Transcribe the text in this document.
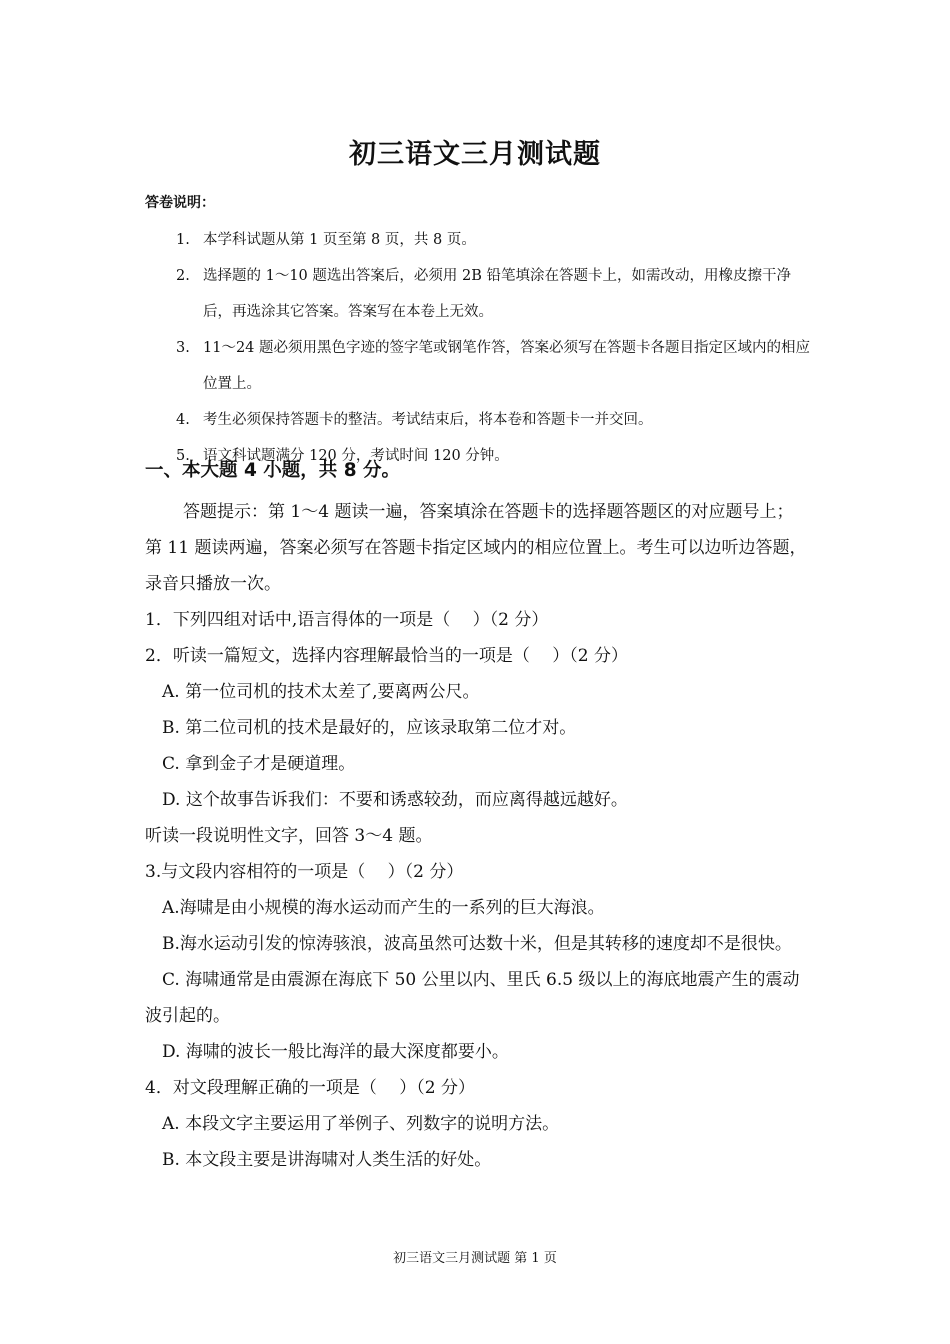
初三语文三月测试题
答卷说明：
1. 本学科试题从第 1 页至第 8 页，共 8 页。
2. 选择题的 1～10 题选出答案后，必须用 2B 铅笔填涂在答题卡上，如需改动，用橡皮擦干净后，再选涂其它答案。答案写在本卷上无效。
3. 11～24 题必须用黑色字迹的签字笔或钢笔作答，答案必须写在答题卡各题目指定区域内的相应位置上。
4. 考生必须保持答题卡的整洁。考试结束后，将本卷和答题卡一并交回。
5. 语文科试题满分 120 分，考试时间 120 分钟。
一、本大题 4 小题，共 8 分。

答题提示：第 1～4 题读一遍，答案填涂在答题卡的选择题答题区的对应题号上；第 11 题读两遍，答案必须写在答题卡指定区域内的相应位置上。考生可以边听边答题，录音只播放一次。

1．下列四组对话中,语言得体的一项是（　 ）（2 分）

2．听读一篇短文，选择内容理解最恰当的一项是（　 ）（2 分）

A. 第一位司机的技术太差了,要离两公尺。

B. 第二位司机的技术是最好的，应该录取第二位才对。

C. 拿到金子才是硬道理。

D. 这个故事告诉我们：不要和诱惑较劲，而应离得越远越好。

听读一段说明性文字，回答 3～4 题。

3.与文段内容相符的一项是（　 ）（2 分）

A.海啸是由小规模的海水运动而产生的一系列的巨大海浪。

B.海水运动引发的惊涛骇浪，波高虽然可达数十米，但是其转移的速度却不是很快。

C. 海啸通常是由震源在海底下 50 公里以内、里氏 6.5 级以上的海底地震产生的震动波引起的。

D. 海啸的波长一般比海洋的最大深度都要小。

4．对文段理解正确的一项是（　 ）（2 分）

A. 本段文字主要运用了举例子、列数字的说明方法。

B. 本文段主要是讲海啸对人类生活的好处。

初三语文三月测试题 第 1 页
